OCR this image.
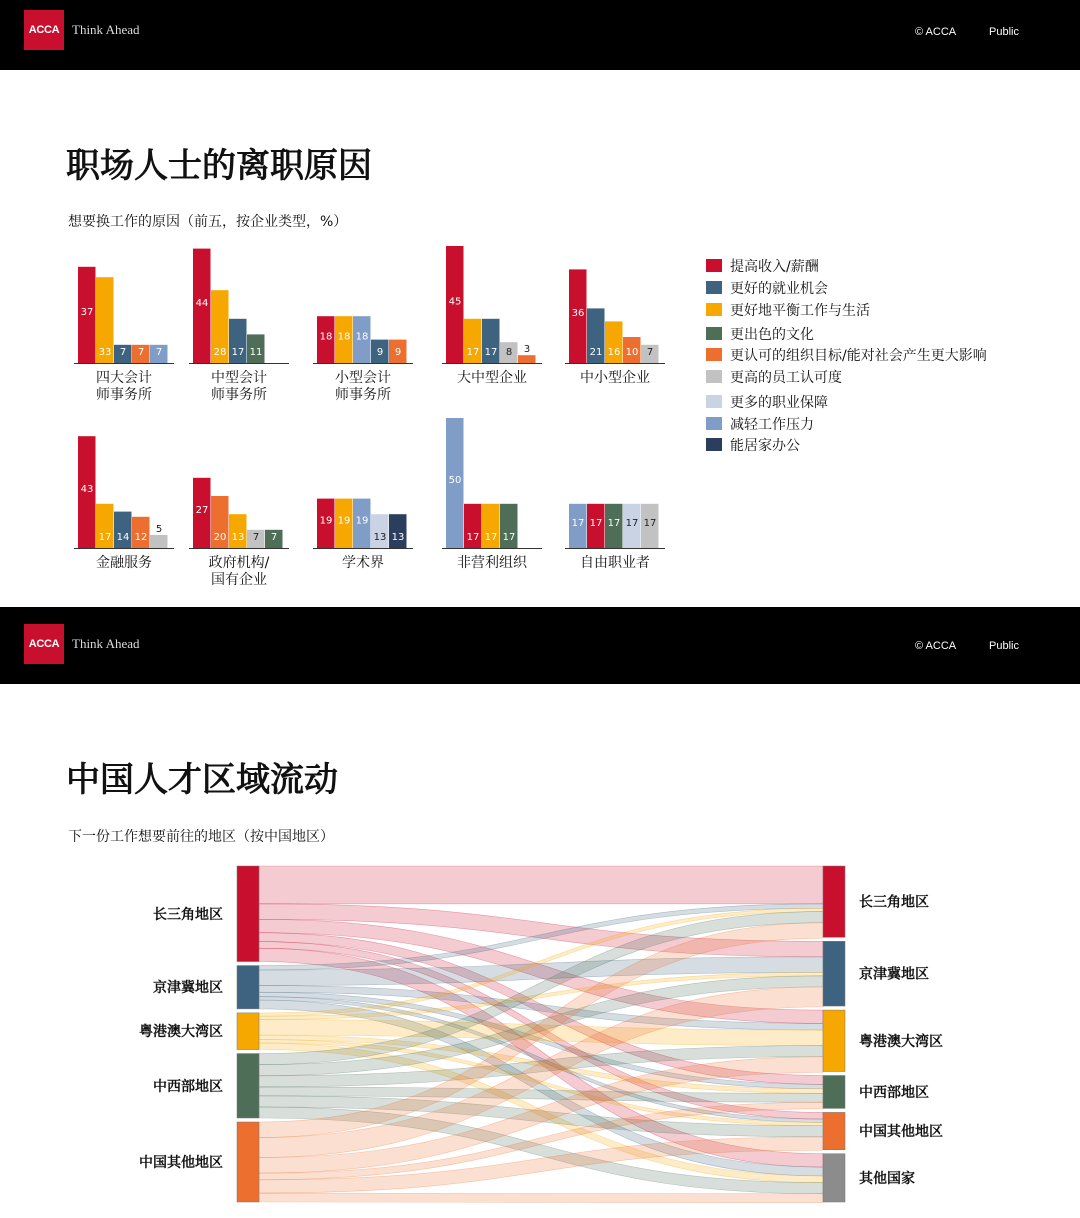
ACCA Think Ahead	© ACCA	Public
职场人士的离职原因
想要换工作的原因（前五，按企业类型，%）
37
33 7 7 7
四大会计
师事务所
44
28 17 11
中型会计
师事务所
18 18 18
9 9
小型会计
师事务所
45
17 17 8 3
大中型企业
36
21 16 10 7
中小型企业
43
17 14 12
5
金融服务
27
20 13 7 7
政府机构/
国有企业
19 19 19
13 13
学术界
50
17 17 17
非营利组织
17 17 17 17 17
自由职业者
提高收入/薪酬
更好的就业机会
更好地平衡工作与生活
更出色的文化
更认可的组织目标/能对社会产生更大影响
更高的员工认可度
更多的职业保障
减轻工作压力
能居家办公
ACCA Think Ahead	© ACCA	Public
中国人才区域流动
下一份工作想要前往的地区（按中国地区）
长三角地区
京津冀地区
粤港澳大湾区
中西部地区
中国其他地区
长三角地区
京津冀地区
粤港澳大湾区
中西部地区
中国其他地区
其他国家
